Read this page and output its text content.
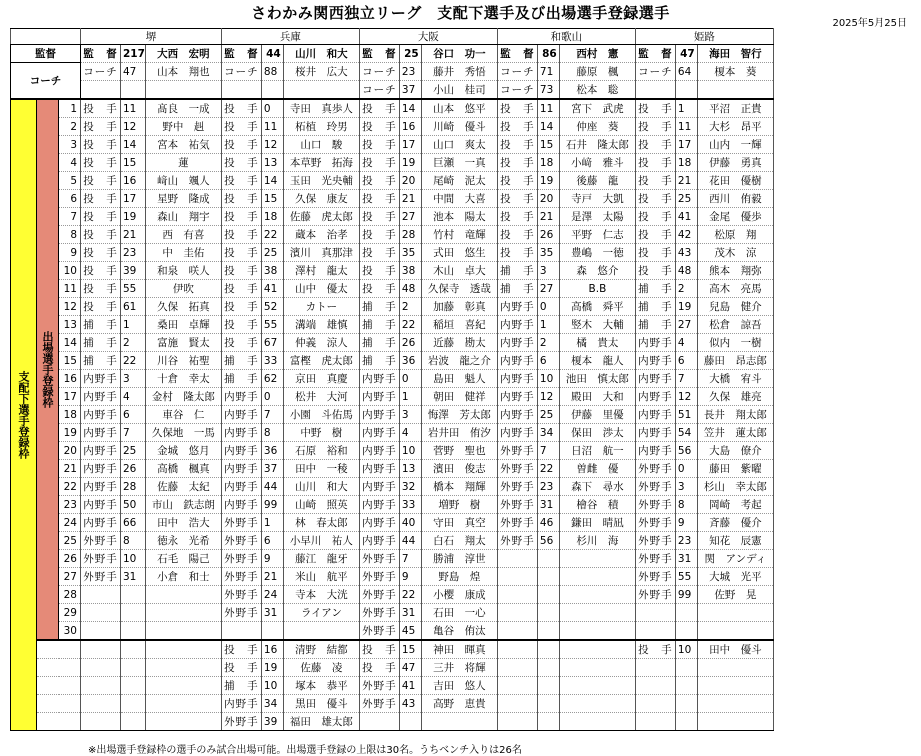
さわかみ関西独立リーグ　支配下選手及び出場選手登録選手
2025年5月25日
			堺			兵庫			大阪			和歌山			姫路		
監督			監　督	217	大西　宏明	監　督	44	山川　和大	監　督	25	谷口　功一	監　督	86	西村　憲	監　督	47	海田　智行
コーチ			コーチ	47	山本　翔也	コーチ	88	桜井　広大	コーチ	23	藤井　秀悟	コーチ	71	藤原　楓	コーチ	64	榎本　葵
									コーチ	37	小山　桂司	コーチ	73	松本　聡			
支配下選手登録枠	出場選手登録枠	1	投　手	11	髙良　一成	投　手	0	寺田　真歩人	投　手	14	山本　悠平	投　手	11	宮下　武虎	投　手	1	平沼　正貴
		2	投　手	12	野中　赳	投　手	11	柘植　玲男	投　手	16	川崎　優斗	投　手	14	仲座　葵	投　手	11	大杉　昂平
		3	投　手	14	宮本　祐気	投　手	12	山口　駿	投　手	17	山口　爽太	投　手	15	石井　隆太郎	投　手	17	山内　一輝
		4	投　手	15	蓮	投　手	13	本草野　拓海	投　手	19	巨瀬　一真	投　手	18	小﨑　雅斗	投　手	18	伊藤　勇真
		5	投　手	16	﨑山　颯人	投　手	14	玉田　光央輔	投　手	20	尾崎　泥太	投　手	19	後藤　龍	投　手	21	花田　優樹
		6	投　手	17	星野　隆成	投　手	15	久保　康友	投　手	21	中間　大喜	投　手	20	寺戸　大凱	投　手	25	西川　侑毅
		7	投　手	19	森山　翔宇	投　手	18	佐藤　虎太郎	投　手	27	池本　陽太	投　手	21	是澤　太陽	投　手	41	金尾　優歩
		8	投　手	21	西　有喜	投　手	22	蔵本　治孝	投　手	28	竹村　竜輝	投　手	26	平野　仁志	投　手	42	松原　翔
		9	投　手	23	中　圭佑	投　手	25	濱川　真那津	投　手	35	式田　悠生	投　手	35	豊嶋　一徳	投　手	43	茂木　涼
		10	投　手	39	和泉　咲人	投　手	38	澤村　龍太	投　手	38	木山　卓大	捕　手	3	森　悠介	投　手	48	熊本　翔弥
		11	投　手	55	伊吹	投　手	41	山中　優太	投　手	48	久保寺　透哉	捕　手	27	B.B	捕　手	2	高木　亮馬
		12	投　手	61	久保　拓真	投　手	52	カトー	捕　手	2	加藤　彰真	内野手	0	高橋　舜平	捕　手	19	兒島　健介
		13	捕　手	1	桑田　卓輝	投　手	55	溝端　雄慎	捕　手	22	稲垣　喜紀	内野手	1	竪木　大輔	捕　手	27	松倉　諒吾
		14	捕　手	2	富施　賢太	投　手	67	仲義　涼人	捕　手	26	近藤　勘太	内野手	2	橘　貴太	内野手	4	似内　一樹
		15	捕　手	22	川谷　祐聖	捕　手	33	富樫　虎太郎	捕　手	36	岩波　龍之介	内野手	6	榎本　龍人	内野手	6	藤田　昂志郎
		16	内野手	3	十倉　幸太	捕　手	62	京田　真慶	内野手	0	島田　魁人	内野手	10	池田　慎太郎	内野手	7	大橋　宥斗
		17	内野手	4	金村　隆太郎	内野手	0	松井　大河	内野手	1	朝田　健祥	内野手	12	殿田　大和	内野手	12	久保　雄亮
		18	内野手	6	車谷　仁	内野手	7	小園　斗佑馬	内野手	3	悔澤　芳太郎	内野手	25	伊藤　里優	内野手	51	長井　翔太郎
		19	内野手	7	久保地　一馬	内野手	8	中野　樹	内野手	4	岩井田　侑汐	内野手	34	保田　渉太	内野手	54	笠井　蓮太郎
		20	内野手	25	金城　悠月	内野手	36	石原　裕和	内野手	10	菅野　聖也	外野手	7	日沼　航一	内野手	56	大島　僚介
		21	内野手	26	高橋　楓真	内野手	37	田中　一稜	内野手	13	濱田　俊志	外野手	22	曽雌　優	外野手	0	藤田　紫曜
		22	内野手	28	佐藤　太紀	内野手	44	山川　和大	内野手	32	橋本　翔輝	外野手	23	森下　尋水	外野手	3	杉山　幸太郎
		23	内野手	50	市山　鉄志朗	内野手	99	山崎　照英	内野手	33	増野　樹	外野手	31	檜谷　積	外野手	8	岡崎　考起
		24	内野手	66	田中　浩大	外野手	1	林　春太郎	内野手	40	守田　真空	外野手	46	鎌田　晴凪	外野手	9	斉藤　優介
		25	外野手	8	徳永　光希	外野手	6	小早川　祐人	内野手	44	白石　翔太	外野手	56	杉川　海	外野手	23	知花　辰憲
		26	外野手	10	石毛　陽己	外野手	9	藤江　龍牙	外野手	7	勝浦　淳世				外野手	31	関　アンディ
		27	外野手	31	小倉　和士	外野手	21	米山　航平	外野手	9	野島　煌				外野手	55	大城　光平
		28				外野手	24	寺本　大洸	外野手	22	小樱　康成				外野手	99	佐野　晃
		29				外野手	31	ライアン	外野手	31	石田　一心						
		30							外野手	45	亀谷　侑汰						
						投　手	16	清野　結都	投　手	15	神田　暉真				投　手	10	田中　優斗
						投　手	19	佐藤　凌	投　手	47	三井　将輝						
						捕　手	10	塚本　恭平	外野手	41	吉田　悠人						
						内野手	34	黒田　優斗	外野手	43	高野　恵貴						
						外野手	39	福田　雄太郎									
※出場選手登録枠の選手のみ試合出場可能。出場選手登録の上限は30名。うちベンチ入りは26名
